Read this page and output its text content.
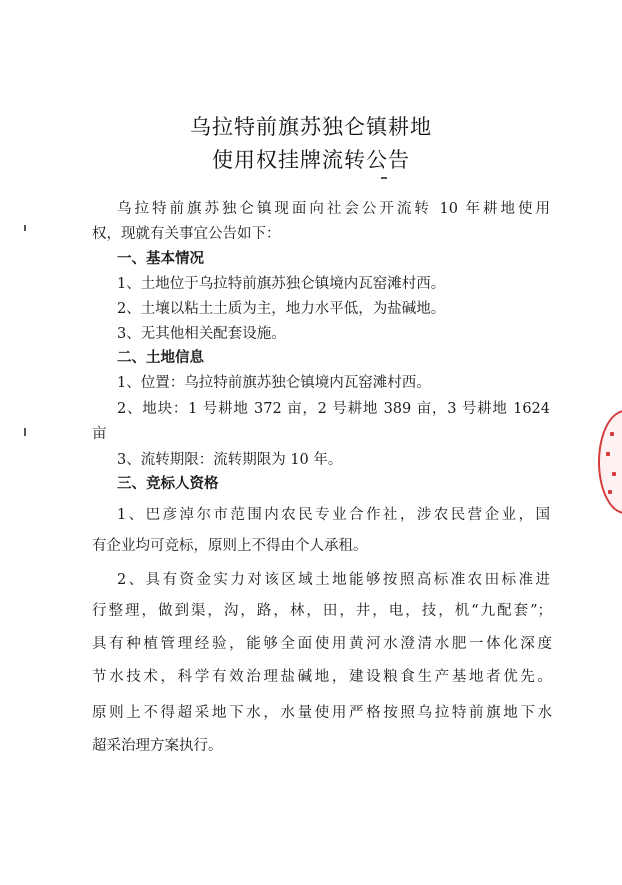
乌拉特前旗苏独仑镇耕地
使用权挂牌流转公告
乌拉特前旗苏独仑镇现面向社会公开流转 10 年耕地使用
权，现就有关事宜公告如下：
一、基本情况
1、土地位于乌拉特前旗苏独仑镇境内瓦窑滩村西。
2、土壤以粘土土质为主，地力水平低，为盐碱地。
3、无其他相关配套设施。
二、土地信息
1、位置：乌拉特前旗苏独仑镇境内瓦窑滩村西。
2、地块：1 号耕地 372 亩，2 号耕地 389 亩，3 号耕地 1624
亩
3、流转期限：流转期限为 10 年。
三、竞标人资格
1、巴彦淖尔市范围内农民专业合作社，涉农民营企业，国
有企业均可竞标，原则上不得由个人承租。
2、具有资金实力对该区域土地能够按照高标准农田标准进
行整理，做到渠，沟，路，林，田，井，电，技，机“九配套”；
具有种植管理经验，能够全面使用黄河水澄清水肥一体化深度
节水技术，科学有效治理盐碱地，建设粮食生产基地者优先。
原则上不得超采地下水，水量使用严格按照乌拉特前旗地下水
超采治理方案执行。
